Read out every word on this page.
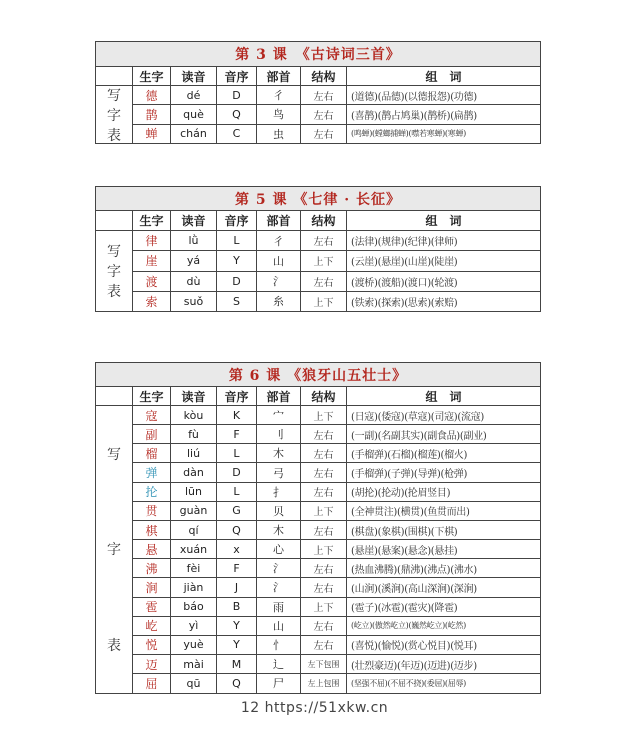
第 3 课　《古诗词三首》						
	生字	读音	音序	部首	结构	组　词

写
字
表	德	dé	D	彳	左右	(道德)(品德)(以德报怨)(功德)
	鹊	què	Q	鸟	左右	(喜鹊)(鹊占鸠巢)(鹊桥)(扁鹊)
	蝉	chán	C	虫	左右	(鸣蝉)(螳螂捕蝉)(噤若寒蝉)(寒蝉)
第 5 课 《七律 · 长征》						
	生字	读音	音序	部首	结构	组　词

写
字
表	律	lǜ	L	彳	左右	(法律)(规律)(纪律)(律师)
	崖	yá	Y	山	上下	(云崖)(悬崖)(山崖)(陡崖)
	渡	dù	D	氵	左右	(渡桥)(渡船)(渡口)(轮渡)
	索	suǒ	S	糸	上下	(铁索)(探索)(思索)(索赔)
第 6 课 《狼牙山五壮士》						
	生字	读音	音序	部首	结构	组　词

写
字
表	寇	kòu	K	宀	上下	(日寇)(倭寇)(草寇)(司寇)(流寇)
	副	fù	F	刂	左右	(一副)(名副其实)(副食品)(副业)
	榴	liú	L	木	左右	(手榴弹)(石榴)(榴莲)(榴火)
	弹	dàn	D	弓	左右	(手榴弹)(子弹)(导弹)(枪弹)
	抡	lūn	L	扌	左右	(胡抡)(抡动)(抡眉竖目)
	贯	guàn	G	贝	上下	(全神贯注)(横贯)(鱼贯而出)
	棋	qí	Q	木	左右	(棋盘)(象棋)(围棋)(下棋)
	悬	xuán	x	心	上下	(悬崖)(悬案)(悬念)(悬挂)
	沸	fèi	F	氵	左右	(热血沸腾)(鼎沸)(沸点)(沸水)
	涧	jiàn	J	氵	左右	(山涧)(溪涧)(高山深涧)(深涧)
	雹	báo	B	雨	上下	(雹子)(冰雹)(雹灾)(降雹)
	屹	yì	Y	山	左右	(屹立)(傲然屹立)(巍然屹立)(屹然)
	悦	yuè	Y	忄	左右	(喜悦)(愉悦)(赏心悦目)(悦耳)
	迈	mài	M	辶	左下包围	(壮烈豪迈)(年迈)(迈进)(迈步)
	屈	qū	Q	尸	左上包围	(坚强不屈)(不屈不挠)(委屈)(屈辱)
12 https://51xkw.cn
